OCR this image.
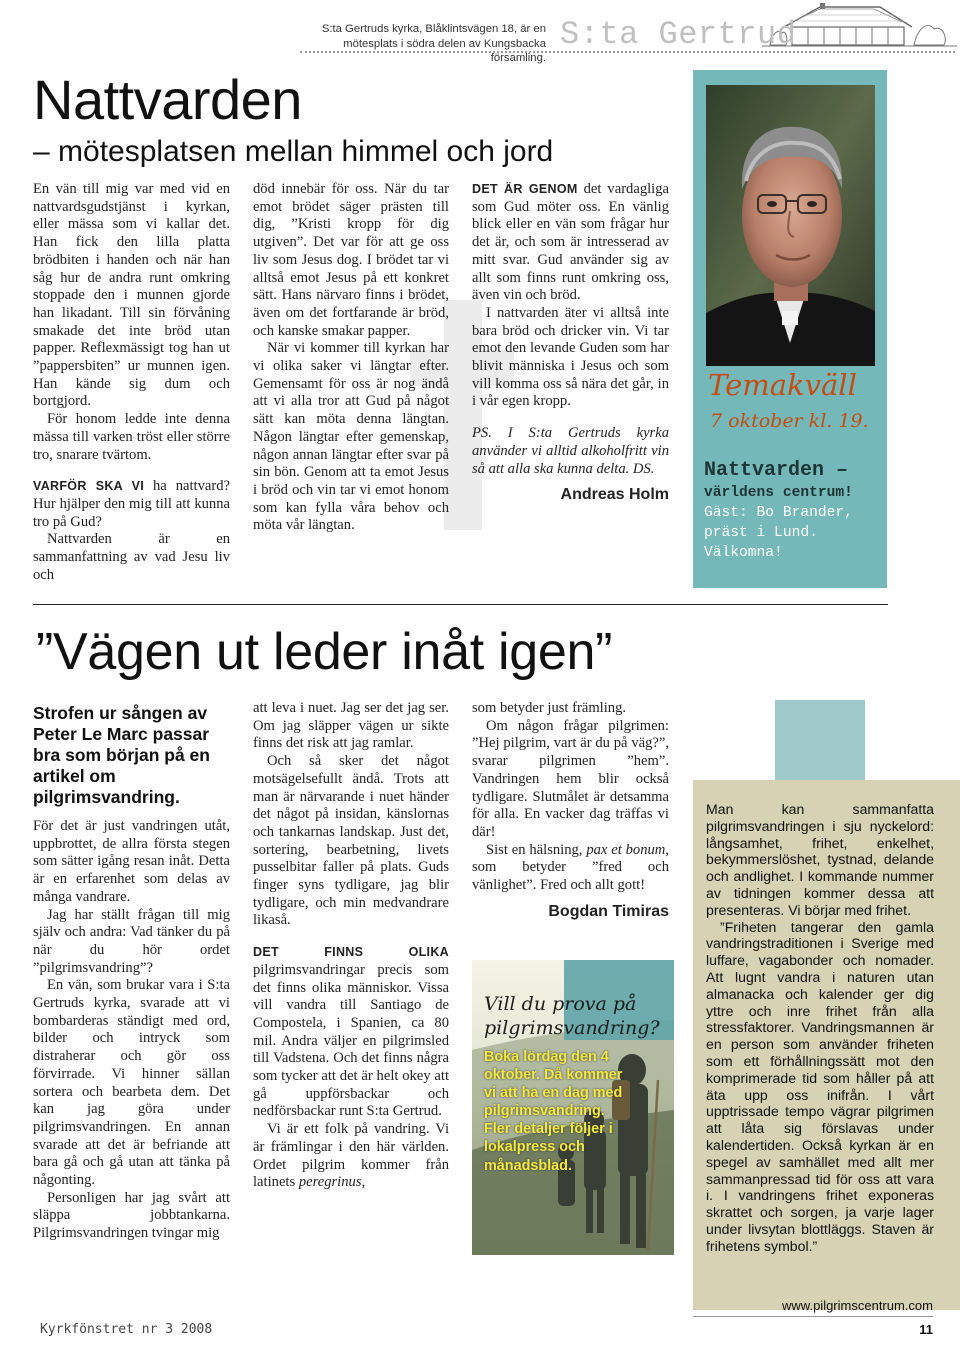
S:ta Gertruds kyrka, Blåklintsvägen 18, är en
mötesplats i södra delen av Kungsbacka församling.
S:ta Gertrud
Nattvarden
– mötesplatsen mellan himmel och jord

En vän till mig var med vid en nattvardsgudstjänst i kyrkan, eller mässa som vi kallar det. Han fick den lilla platta brödbiten i handen och när han såg hur de andra runt omkring stoppade den i munnen gjorde han likadant. Till sin förvåning smakade det inte bröd utan papper. Reflexmässigt tog han ut ”pappersbiten” ur munnen igen. Han kände sig dum och bortgjord.

För honom ledde inte denna mässa till varken tröst eller större tro, snarare tvärtom.

VARFÖR SKA VI ha nattvard? Hur hjälper den mig till att kunna tro på Gud?

Nattvarden är en sammanfattning av vad Jesu liv och

död innebär för oss. När du tar emot brödet säger prästen till dig, ”Kristi kropp för dig utgiven”. Det var för att ge oss liv som Jesus dog. I brödet tar vi alltså emot Jesus på ett konkret sätt. Hans närvaro finns i brödet, även om det fortfarande är bröd, och kanske smakar papper.

När vi kommer till kyrkan har vi olika saker vi längtar efter. Gemensamt för oss är nog ändå att vi alla tror att Gud på något sätt kan möta denna längtan. Någon längtar efter gemenskap, någon annan längtar efter svar på sin bön. Genom att ta emot Jesus i bröd och vin tar vi emot honom som kan fylla våra behov och möta vår längtan.

DET ÄR GENOM det vardagliga som Gud möter oss. En vänlig blick eller en vän som frågar hur det är, och som är intresserad av mitt svar. Gud använder sig av allt som finns runt omkring oss, även vin och bröd.

I nattvarden äter vi alltså inte bara bröd och dricker vin. Vi tar emot den levande Guden som har blivit människa i Jesus och som vill komma oss så nära det går, in i vår egen kropp.

PS. I S:ta Gertruds kyrka använder vi alltid alkoholfritt vin så att alla ska kunna delta. DS.

Andreas Holm

Temakväll
7 oktober kl. 19.
Nattvarden –
världens centrum!
Gäst: Bo Brander,
präst i Lund.
Välkomna!
”Vägen ut leder inåt igen”
Strofen ur sången av Peter Le Marc passar bra som början på en artikel om pilgrimsvandring.

För det är just vandringen utåt, uppbrottet, de allra första stegen som sätter igång resan inåt. Detta är en erfarenhet som delas av många vandrare.

Jag har ställt frågan till mig själv och andra: Vad tänker du på när du hör ordet ”pilgrimsvandring”?

En vän, som brukar vara i S:ta Gertruds kyrka, svarade att vi bombarderas ständigt med ord, bilder och intryck som distraherar och gör oss förvirrade. Vi hinner sällan sortera och bearbeta dem. Det kan jag göra under pilgrimsvandringen. En annan svarade att det är befriande att bara gå och gå utan att tänka på någonting.

Personligen har jag svårt att släppa jobbtankarna. Pilgrimsvandringen tvingar mig

att leva i nuet. Jag ser det jag ser. Om jag släpper vägen ur sikte finns det risk att jag ramlar.

Och så sker det något motsägelsefullt ändå. Trots att man är närvarande i nuet händer det något på insidan, känslornas och tankarnas landskap. Just det, sortering, bearbetning, livets pusselbitar faller på plats. Guds finger syns tydligare, jag blir tydligare, och min medvandrare likaså.

DET FINNS OLIKA pilgrimsvandringar precis som det finns olika människor. Vissa vill vandra till Santiago de Compostela, i Spanien, ca 80 mil. Andra väljer en pilgrimsled till Vadstena. Och det finns några som tycker att det är helt okey att gå uppförsbackar och nedförsbackar runt S:ta Gertrud.

Vi är ett folk på vandring. Vi är främlingar i den här världen. Ordet pilgrim kommer från latinets peregrinus,

som betyder just främling.

Om någon frågar pilgrimen: ”Hej pilgrim, vart är du på väg?”, svarar pilgrimen ”hem”. Vandringen hem blir också tydligare. Slutmålet är detsamma för alla. En vacker dag träffas vi där!

Sist en hälsning, pax et bonum, som betyder ”fred och vänlighet”. Fred och allt gott!

Bogdan Timiras

Vill du prova på pilgrimsvandring?
Boka lördag den 4 oktober. Då kommer vi att ha en dag med pilgrimsvandring. Fler detaljer följer i lokalpress och månadsblad.

Man kan sammanfatta pilgrimsvandringen i sju nyckelord: långsamhet, frihet, enkelhet, bekymmerslöshet, tystnad, delande och andlighet. I kommande nummer av tidningen kommer dessa att presenteras. Vi börjar med frihet.

”Friheten tangerar den gamla vandringstraditionen i Sverige med luffare, vagabonder och nomader. Att lugnt vandra i naturen utan almanacka och kalender ger dig yttre och inre frihet från alla stressfaktorer. Vandringsmannen är en person som använder friheten som ett förhållningssätt mot den komprimerade tid som håller på att äta upp oss inifrån. I vårt upptrissade tempo vägrar pilgrimen att låta sig förslavas under kalendertiden. Också kyrkan är en spegel av samhället med allt mer sammanpressad tid för oss att vara i. I vandringens frihet exponeras skrattet och sorgen, ja varje lager under livsytan blottläggs. Staven är frihetens symbol.”

www.pilgrimscentrum.com
Kyrkfönstret nr 3 2008	11
